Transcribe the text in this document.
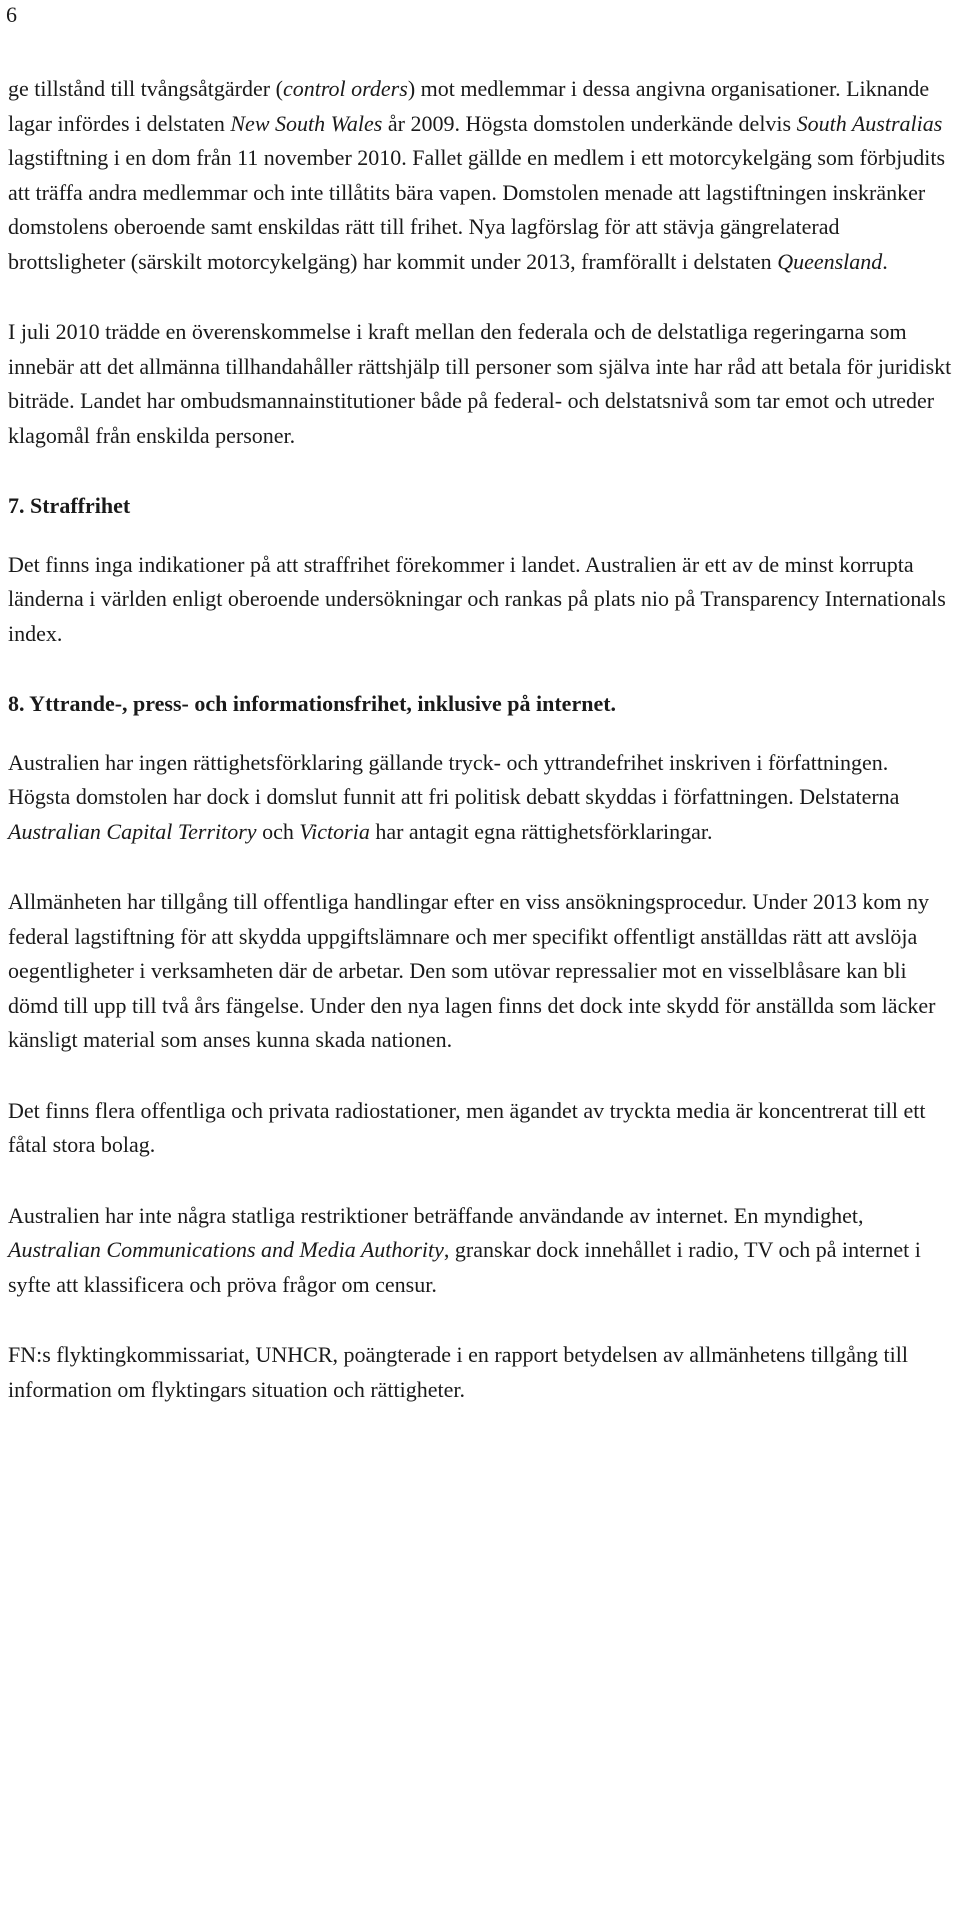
6

ge tillstånd till tvångsåtgärder (control orders) mot medlemmar i dessa angivna organisationer. Liknande lagar infördes i delstaten New South Wales år 2009. Högsta domstolen underkände delvis South Australias lagstiftning i en dom från 11 november 2010. Fallet gällde en medlem i ett motorcykelgäng som förbjudits att träffa andra medlemmar och inte tillåtits bära vapen. Domstolen menade att lagstiftningen inskränker domstolens oberoende samt enskildas rätt till frihet. Nya lagförslag för att stävja gängrelaterad brottsligheter (särskilt motorcykelgäng) har kommit under 2013, framförallt i delstaten Queensland.

I juli 2010 trädde en överenskommelse i kraft mellan den federala och de delstatliga regeringarna som innebär att det allmänna tillhandahåller rättshjälp till personer som själva inte har råd att betala för juridiskt biträde. Landet har ombudsmannainstitutioner både på federal- och delstatsnivå som tar emot och utreder klagomål från enskilda personer.

7. Straffrihet

Det finns inga indikationer på att straffrihet förekommer i landet. Australien är ett av de minst korrupta länderna i världen enligt oberoende undersökningar och rankas på plats nio på Transparency Internationals index.

8. Yttrande-, press- och informationsfrihet, inklusive på internet.

Australien har ingen rättighetsförklaring gällande tryck- och yttrandefrihet inskriven i författningen. Högsta domstolen har dock i domslut funnit att fri politisk debatt skyddas i författningen. Delstaterna Australian Capital Territory och Victoria har antagit egna rättighetsförklaringar.

Allmänheten har tillgång till offentliga handlingar efter en viss ansökningsprocedur. Under 2013 kom ny federal lagstiftning för att skydda uppgiftslämnare och mer specifikt offentligt anställdas rätt att avslöja oegentligheter i verksamheten där de arbetar. Den som utövar repressalier mot en visselblåsare kan bli dömd till upp till två års fängelse. Under den nya lagen finns det dock inte skydd för anställda som läcker känsligt material som anses kunna skada nationen.

Det finns flera offentliga och privata radiostationer, men ägandet av tryckta media är koncentrerat till ett fåtal stora bolag.

Australien har inte några statliga restriktioner beträffande användande av internet. En myndighet, Australian Communications and Media Authority, granskar dock innehållet i radio, TV och på internet i syfte att klassificera och pröva frågor om censur.

FN:s flyktingkommissariat, UNHCR, poängterade i en rapport betydelsen av allmänhetens tillgång till information om flyktingars situation och rättigheter.
